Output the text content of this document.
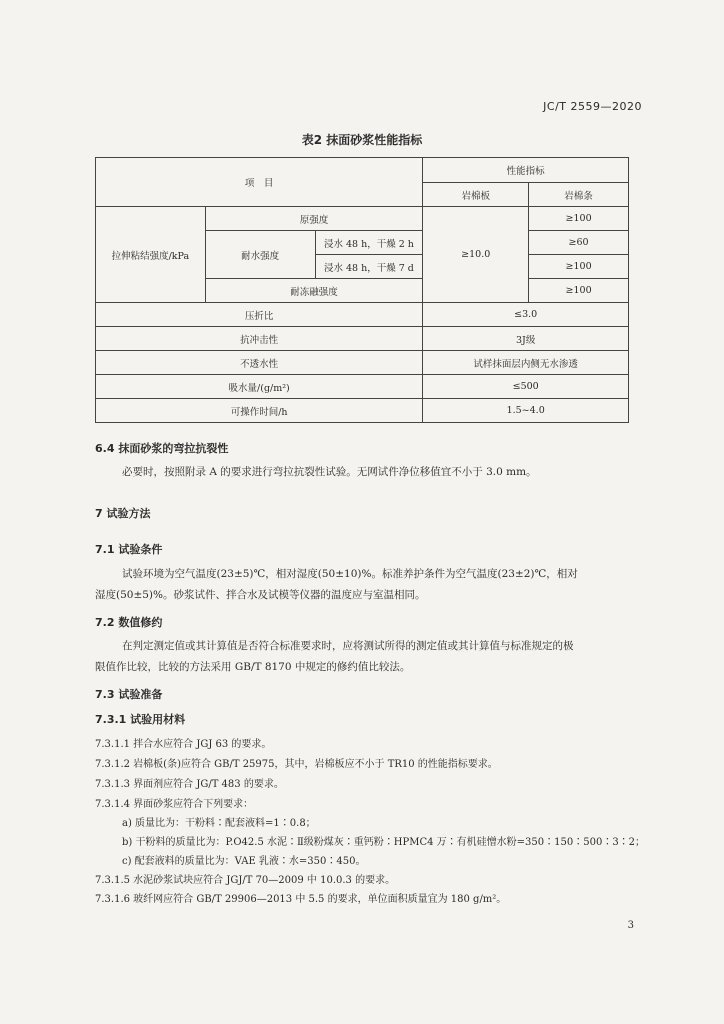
JC/T 2559—2020
表2 抹面砂浆性能指标
项　目			性能指标	
			岩棉板	岩棉条
拉伸粘结强度/kPa	原强度		≥10.0	≥100
	耐水强度	浸水 48 h，干燥 2 h		≥60
		浸水 48 h，干燥 7 d		≥100
	耐冻融强度			≥100
压折比			≤3.0	
抗冲击性			3J级	
不透水性			试样抹面层内侧无水渗透	
吸水量/(g/m²)			≤500	
可操作时间/h			1.5~4.0	
6.4 抹面砂浆的弯拉抗裂性
必要时，按照附录 A 的要求进行弯拉抗裂性试验。无网试件净位移值宜不小于 3.0 mm。
7 试验方法
7.1 试验条件
试验环境为空气温度(23±5)℃，相对湿度(50±10)%。标准养护条件为空气温度(23±2)℃，相对
湿度(50±5)%。砂浆试件、拌合水及试模等仪器的温度应与室温相同。
7.2 数值修约
在判定测定值或其计算值是否符合标准要求时，应将测试所得的测定值或其计算值与标准规定的极
限值作比较，比较的方法采用 GB/T 8170 中规定的修约值比较法。
7.3 试验准备
7.3.1 试验用材料
7.3.1.1 拌合水应符合 JGJ 63 的要求。
7.3.1.2 岩棉板(条)应符合 GB/T 25975，其中，岩棉板应不小于 TR10 的性能指标要求。
7.3.1.3 界面剂应符合 JG/T 483 的要求。
7.3.1.4 界面砂浆应符合下列要求：
a) 质量比为：干粉料∶配套液料=1∶0.8；
b) 干粉料的质量比为：P.O42.5 水泥∶Ⅱ级粉煤灰∶重钙粉∶HPMC4 万∶有机硅憎水粉=350∶150∶500∶3∶2；
c) 配套液料的质量比为：VAE 乳液∶水=350∶450。
7.3.1.5 水泥砂浆试块应符合 JGJ/T 70—2009 中 10.0.3 的要求。
7.3.1.6 玻纤网应符合 GB/T 29906—2013 中 5.5 的要求，单位面积质量宜为 180 g/m²。
3
